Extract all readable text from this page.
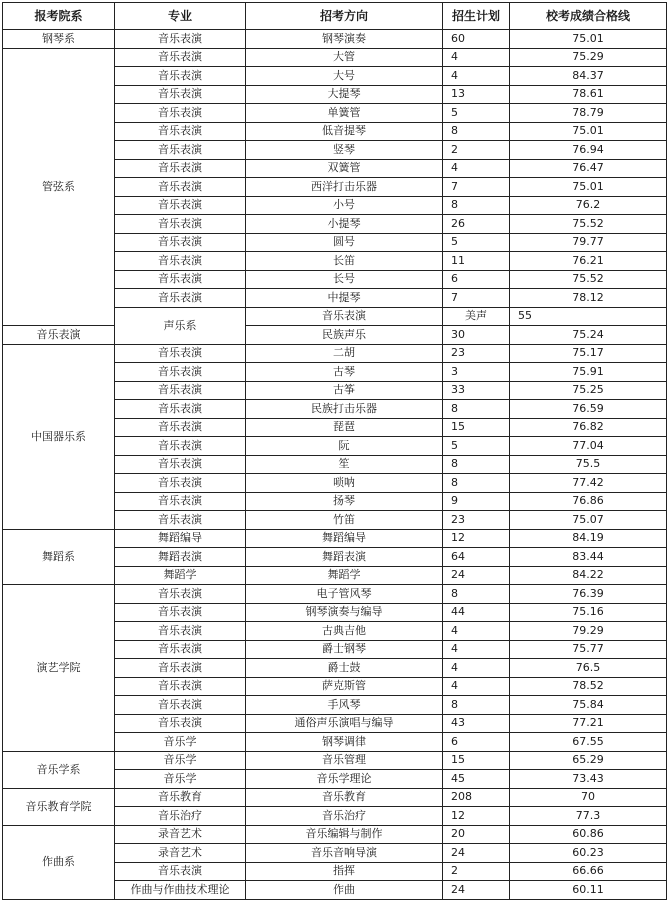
报考院系	专业	招考方向	招生计划	校考成绩合格线	
钢琴系	音乐表演	钢琴演奏	60	75.01	
管弦系	音乐表演	大管	4	75.29	
	音乐表演	大号	4	84.37	
	音乐表演	大提琴	13	78.61	
	音乐表演	单簧管	5	78.79	
	音乐表演	低音提琴	8	75.01	
	音乐表演	竖琴	2	76.94	
	音乐表演	双簧管	4	76.47	
	音乐表演	西洋打击乐器	7	75.01	
	音乐表演	小号	8	76.2	
	音乐表演	小提琴	26	75.52	
	音乐表演	圆号	5	79.77	
	音乐表演	长笛	11	76.21	
	音乐表演	长号	6	75.52	
	音乐表演	中提琴	7	78.12	
	声乐系	音乐表演	美声	55	
音乐表演		民族声乐	30	75.24	
中国器乐系	音乐表演	二胡	23	75.17	
	音乐表演	古琴	3	75.91	
	音乐表演	古筝	33	75.25	
	音乐表演	民族打击乐器	8	76.59	
	音乐表演	琵琶	15	76.82	
	音乐表演	阮	5	77.04	
	音乐表演	笙	8	75.5	
	音乐表演	唢呐	8	77.42	
	音乐表演	扬琴	9	76.86	
	音乐表演	竹笛	23	75.07	
舞蹈系	舞蹈编导	舞蹈编导	12	84.19	
	舞蹈表演	舞蹈表演	64	83.44	
	舞蹈学	舞蹈学	24	84.22	
演艺学院	音乐表演	电子管风琴	8	76.39	
	音乐表演	钢琴演奏与编导	44	75.16	
	音乐表演	古典吉他	4	79.29	
	音乐表演	爵士钢琴	4	75.77	
	音乐表演	爵士鼓	4	76.5	
	音乐表演	萨克斯管	4	78.52	
	音乐表演	手风琴	8	75.84	
	音乐表演	通俗声乐演唱与编导	43	77.21	
	音乐学	钢琴调律	6	67.55	
音乐学系	音乐学	音乐管理	15	65.29	
	音乐学	音乐学理论	45	73.43	
音乐教育学院	音乐教育	音乐教育	208	70	
	音乐治疗	音乐治疗	12	77.3	
作曲系	录音艺术	音乐编辑与制作	20	60.86	
	录音艺术	音乐音响导演	24	60.23	
	音乐表演	指挥	2	66.66	
	作曲与作曲技术理论	作曲	24	60.11	
